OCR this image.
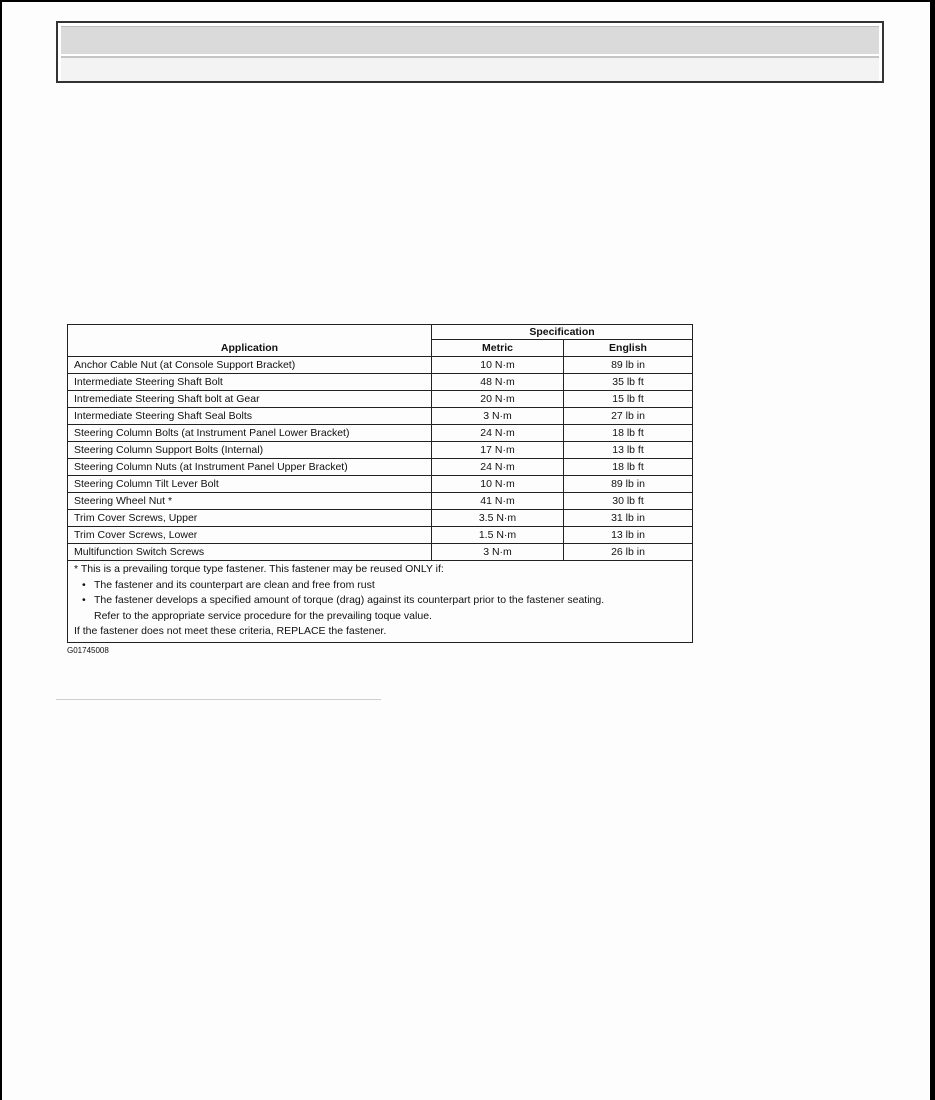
Application	Specification	
	Metric	English
Anchor Cable Nut (at Console Support Bracket)	10 N·m	89 lb in
Intermediate Steering Shaft Bolt	48 N·m	35 lb ft
Intremediate Steering Shaft bolt at Gear	20 N·m	15 lb ft
Intermediate Steering Shaft Seal Bolts	3 N·m	27 lb in
Steering Column Bolts (at Instrument Panel Lower Bracket)	24 N·m	18 lb ft
Steering Column Support Bolts (Internal)	17 N·m	13 lb ft
Steering Column Nuts (at Instrument Panel Upper Bracket)	24 N·m	18 lb ft
Steering Column Tilt Lever Bolt	10 N·m	89 lb in
Steering Wheel Nut *	41 N·m	30 lb ft
Trim Cover Screws, Upper	3.5 N·m	31 lb in
Trim Cover Screws, Lower	1.5 N·m	13 lb in
Multifunction Switch Screws	3 N·m	26 lb in

* This is a prevailing torque type fastener. This fastener may be reused ONLY if:
• The fastener and its counterpart are clean and free from rust
• The fastener develops a specified amount of torque (drag) against its counterpart prior to the fastener seating.
Refer to the appropriate service procedure for the prevailing toque value.
If the fastener does not meet these criteria, REPLACE the fastener.		
G01745008
